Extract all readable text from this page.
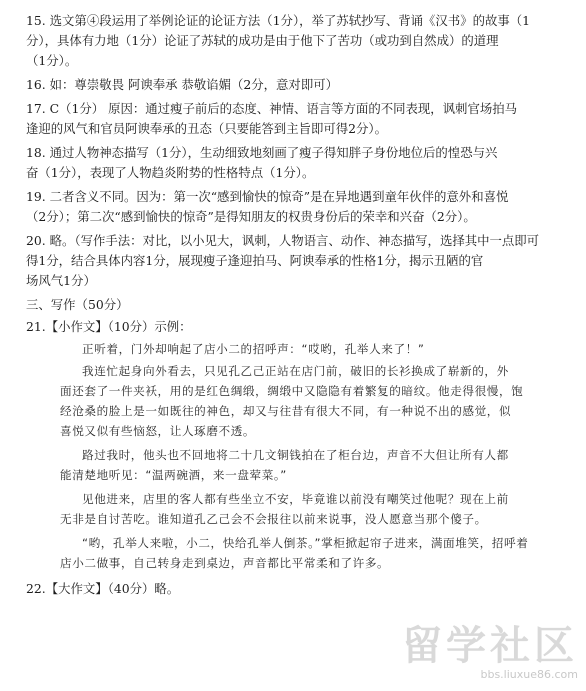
15. 选文第④段运用了举例论证的论证方法（1分），举了苏轼抄写、背诵《汉书》的故事（1
分），具体有力地（1分）论证了苏轼的成功是由于他下了苦功（或功到自然成）的道理
（1分）。
16. 如：尊崇敬畏 阿谀奉承 恭敬谄媚（2分，意对即可）
17. C（1分） 原因：通过瘦子前后的态度、神情、语言等方面的不同表现，讽刺官场拍马
逢迎的风气和官员阿谀奉承的丑态（只要能答到主旨即可得2分）。
18. 通过人物神态描写（1分），生动细致地刻画了瘦子得知胖子身份地位后的惶恐与兴
奋（1分），表现了人物趋炎附势的性格特点（1分）。
19. 二者含义不同。因为：第一次“感到愉快的惊奇”是在异地遇到童年伙伴的意外和喜悦
（2分）；第二次“感到愉快的惊奇”是得知朋友的权贵身份后的荣幸和兴奋（2分）。
20. 略。（写作手法：对比，以小见大，讽刺，人物语言、动作、神态描写，选择其中一点即可
得1分，结合具体内容1分，展现瘦子逢迎拍马、阿谀奉承的性格1分，揭示丑陋的官
场风气1分）
三、写作（50分）
21.【小作文】（10分）示例：
正听着，门外却响起了店小二的招呼声：“哎哟，孔举人来了！”
我连忙起身向外看去，只见孔乙己正站在店门前，破旧的长衫换成了崭新的，外
面还套了一件夹袄，用的是红色绸缎，绸缎中又隐隐有着繁复的暗纹。他走得很慢，饱
经沧桑的脸上是一如既往的神色，却又与往昔有很大不同，有一种说不出的感觉，似
喜悦又似有些恼怒，让人琢磨不透。
路过我时，他头也不回地将二十几文铜钱拍在了柜台边，声音不大但让所有人都
能清楚地听见：“温两碗酒，来一盘荤菜。”
见他进来，店里的客人都有些坐立不安，毕竟谁以前没有嘲笑过他呢？现在上前
无非是自讨苦吃。谁知道孔乙己会不会报往以前来说事，没人愿意当那个傻子。
“哟，孔举人来啦，小二，快给孔举人倒茶。”掌柜掀起帘子进来，满面堆笑，招呼着
店小二做事，自己转身走到桌边，声音都比平常柔和了许多。
22.【大作文】（40分）略。
留学社区
bbs.liuxue86.com
